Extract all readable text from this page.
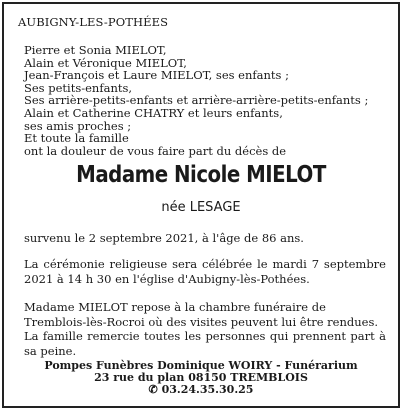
AUBIGNY-LES-POTHÉES
Pierre et Sonia MIELOT,
Alain et Véronique MIELOT,
Jean-François et Laure MIELOT, ses enfants ;
Ses petits-enfants,
Ses arrière-petits-enfants et arrière-arrière-petits-enfants ;
Alain et Catherine CHATRY et leurs enfants,
ses amis proches ;
Et toute la famille
ont la douleur de vous faire part du décès de
Madame Nicole MIELOT
née LESAGE
survenu le 2 septembre 2021, à l'âge de 86 ans.
La cérémonie religieuse sera célébrée le mardi 7 septembre
2021 à 14 h 30 en l'église d'Aubigny-lès-Pothées.
Madame MIELOT repose à la chambre funéraire de
Tremblois-lès-Rocroi où des visites peuvent lui être rendues.
La famille remercie toutes les personnes qui prennent part à
sa peine.
Pompes Funèbres Dominique WOIRY - Funérarium
23 rue du plan 08150 TREMBLOIS
✆ 03.24.35.30.25
